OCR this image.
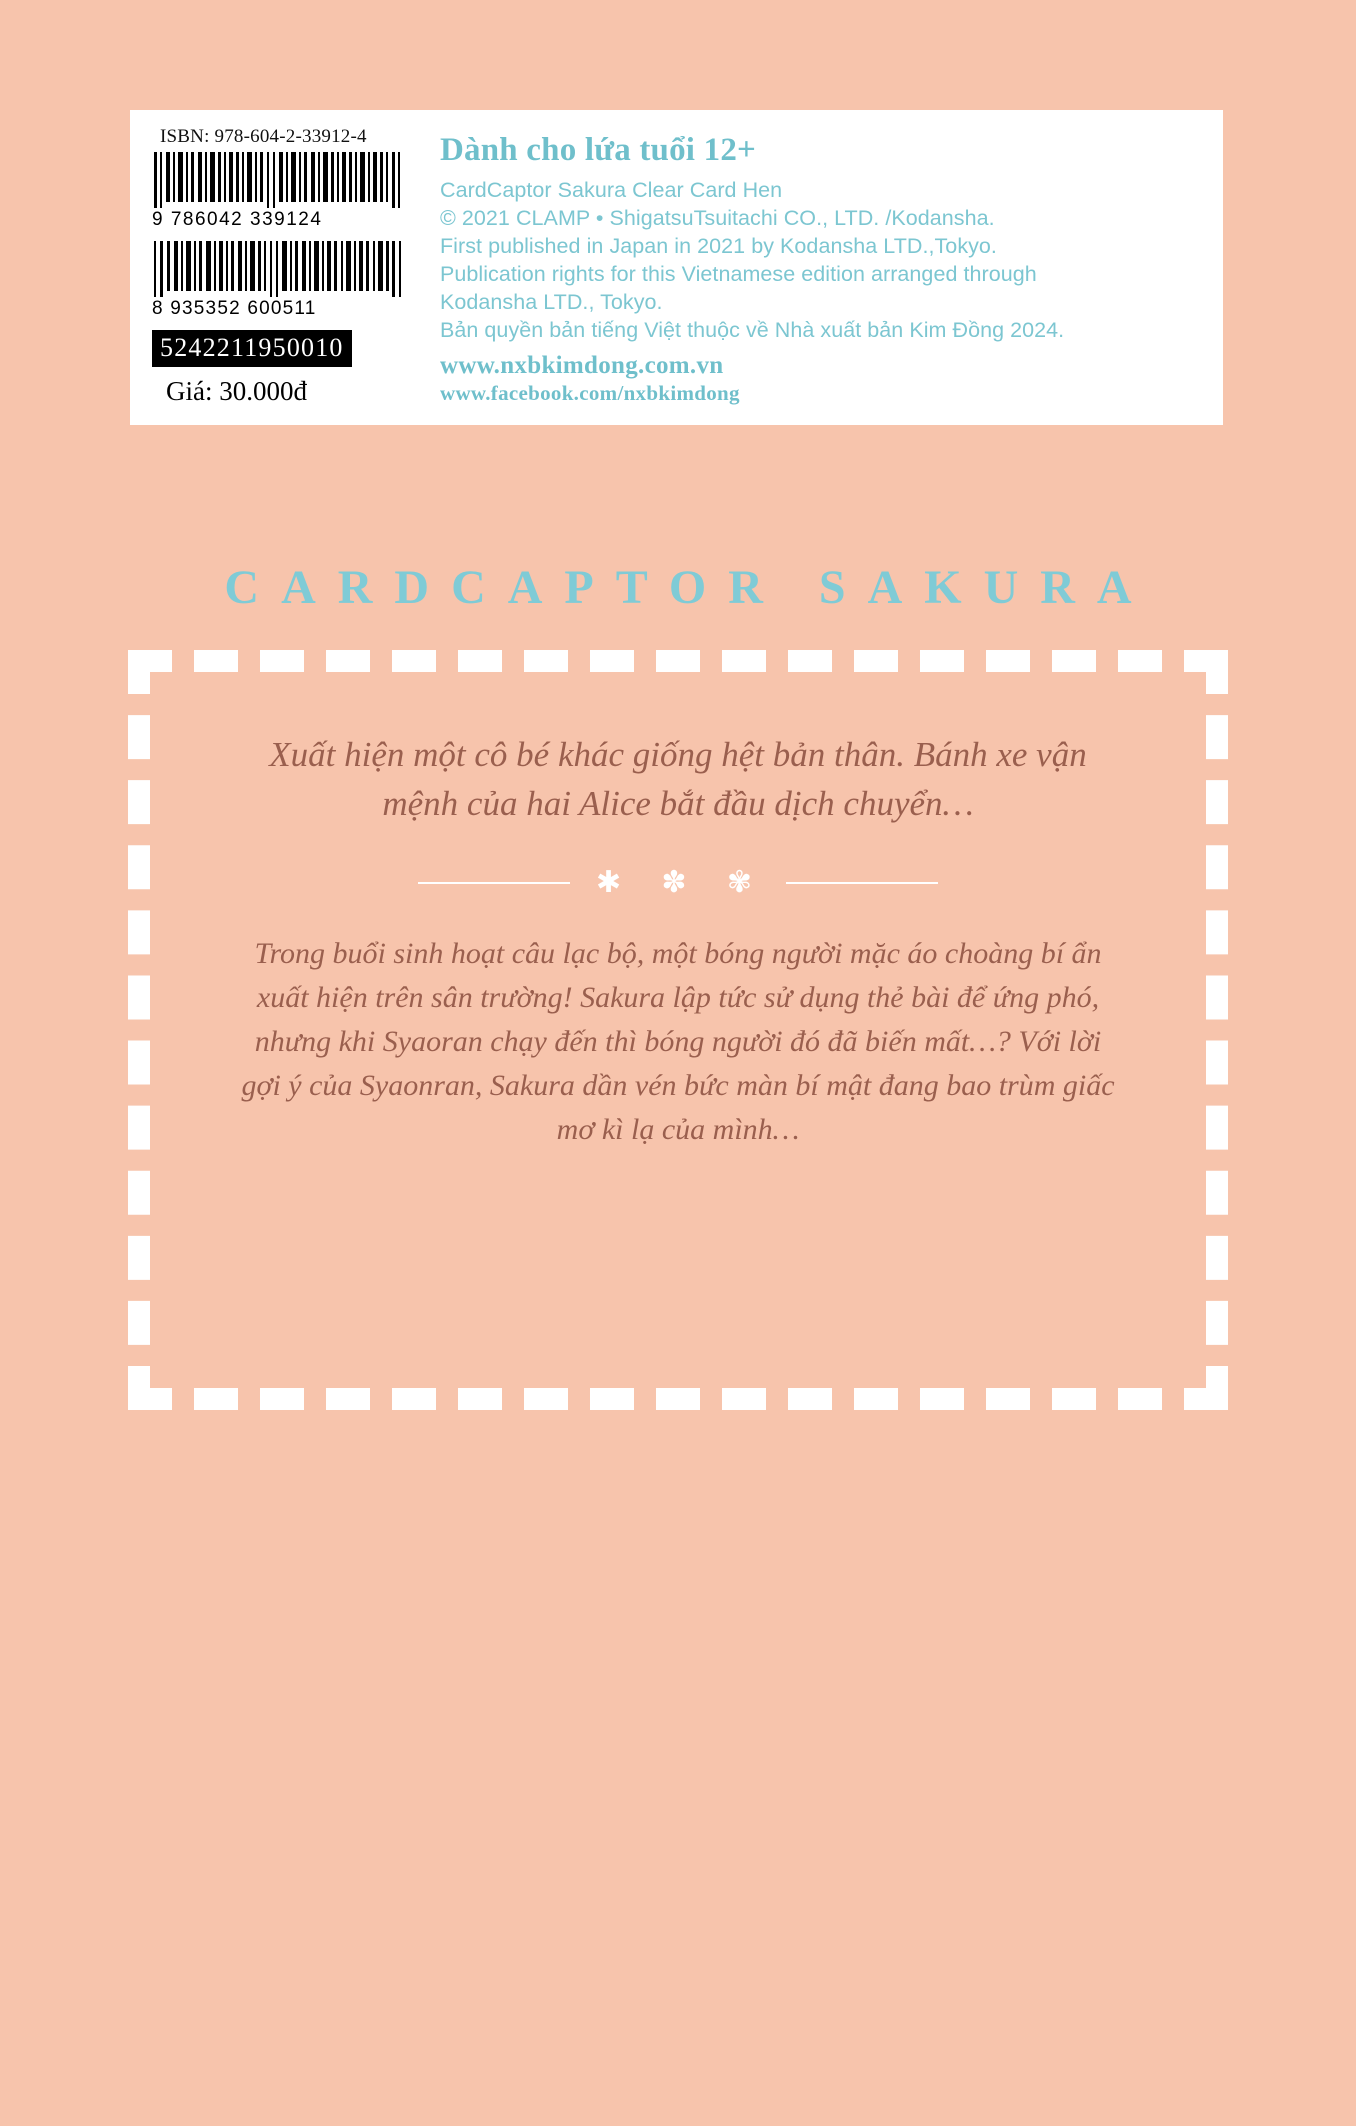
ISBN: 978-604-2-33912-4
9 786042 339124
8 935352 600511
5242211950010
Giá: 30.000đ
Dành cho lứa tuổi 12+
CardCaptor Sakura Clear Card Hen
© 2021 CLAMP • ShigatsuTsuitachi CO., LTD. /Kodansha.
First published in Japan in 2021 by Kodansha LTD.,Tokyo.
Publication rights for this Vietnamese edition arranged through
Kodansha LTD., Tokyo.
Bản quyền bản tiếng Việt thuộc về Nhà xuất bản Kim Đồng 2024.
www.nxbkimdong.com.vn
www.facebook.com/nxbkimdong
CARDCAPTOR SAKURA
Xuất hiện một cô bé khác giống hệt bản thân. Bánh xe vận mệnh của hai Alice bắt đầu dịch chuyển…
✱ ✽ ✾
Trong buổi sinh hoạt câu lạc bộ, một bóng người mặc áo choàng bí ẩn xuất hiện trên sân trường! Sakura lập tức sử dụng thẻ bài để ứng phó, nhưng khi Syaoran chạy đến thì bóng người đó đã biến mất…? Với lời gợi ý của Syaonran, Sakura dần vén bức màn bí mật đang bao trùm giấc mơ kì lạ của mình…
